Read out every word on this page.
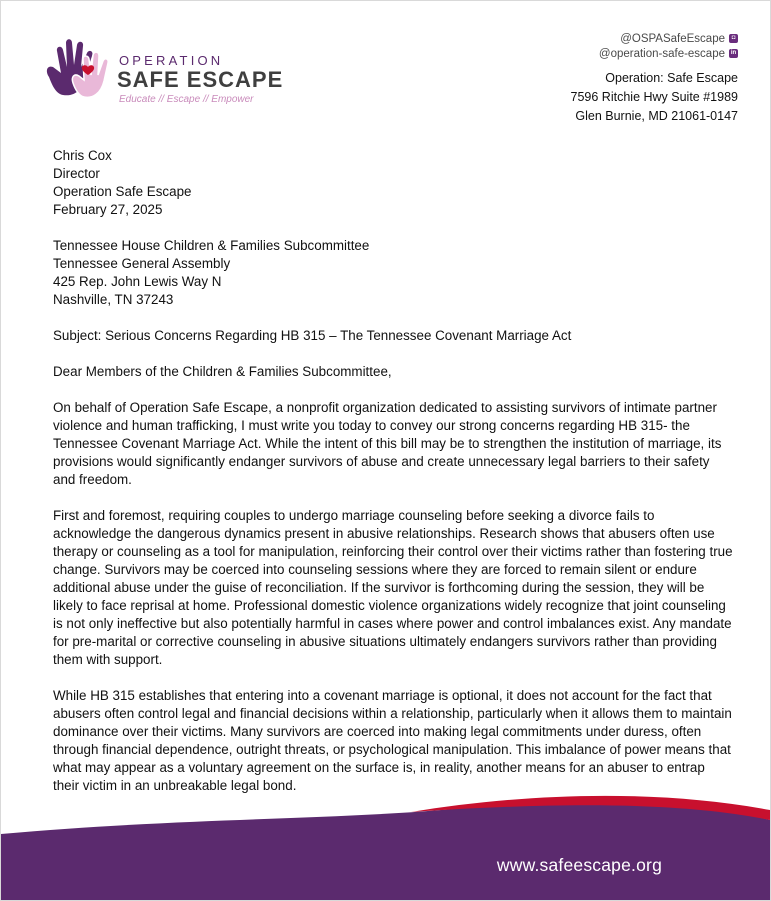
OPERATION
SAFE ESCAPE
Educate // Escape // Empower
@OSPASafeEscape	◘
@operation-safe-escape in
Operation: Safe Escape
7596 Ritchie Hwy Suite #1989
Glen Burnie, MD 21061-0147
Chris Cox
Director
Operation Safe Escape
February 27, 2025
Tennessee House Children & Families Subcommittee
Tennessee General Assembly
425 Rep. John Lewis Way N
Nashville, TN 37243
Subject: Serious Concerns Regarding HB 315 – The Tennessee Covenant Marriage Act
Dear Members of the Children & Families Subcommittee,
On behalf of Operation Safe Escape, a nonprofit organization dedicated to assisting survivors of intimate partner violence and human trafficking, I must write you today to convey our strong concerns regarding HB 315- the Tennessee Covenant Marriage Act. While the intent of this bill may be to strengthen the institution of marriage, its provisions would significantly endanger survivors of abuse and create unnecessary legal barriers to their safety and freedom.
First and foremost, requiring couples to undergo marriage counseling before seeking a divorce fails to acknowledge the dangerous dynamics present in abusive relationships. Research shows that abusers often use therapy or counseling as a tool for manipulation, reinforcing their control over their victims rather than fostering true change. Survivors may be coerced into counseling sessions where they are forced to remain silent or endure additional abuse under the guise of reconciliation. If the survivor is forthcoming during the session, they will be likely to face reprisal at home. Professional domestic violence organizations widely recognize that joint counseling is not only ineffective but also potentially harmful in cases where power and control imbalances exist. Any mandate for pre-marital or corrective counseling in abusive situations ultimately endangers survivors rather than providing them with support.
While HB 315 establishes that entering into a covenant marriage is optional, it does not account for the fact that abusers often control legal and financial decisions within a relationship, particularly when it allows them to maintain dominance over their victims. Many survivors are coerced into making legal commitments under duress, often through financial dependence, outright threats, or psychological manipulation. This imbalance of power means that what may appear as a voluntary agreement on the surface is, in reality, another means for an abuser to entrap their victim in an unbreakable legal bond.
www.safeescape.org
